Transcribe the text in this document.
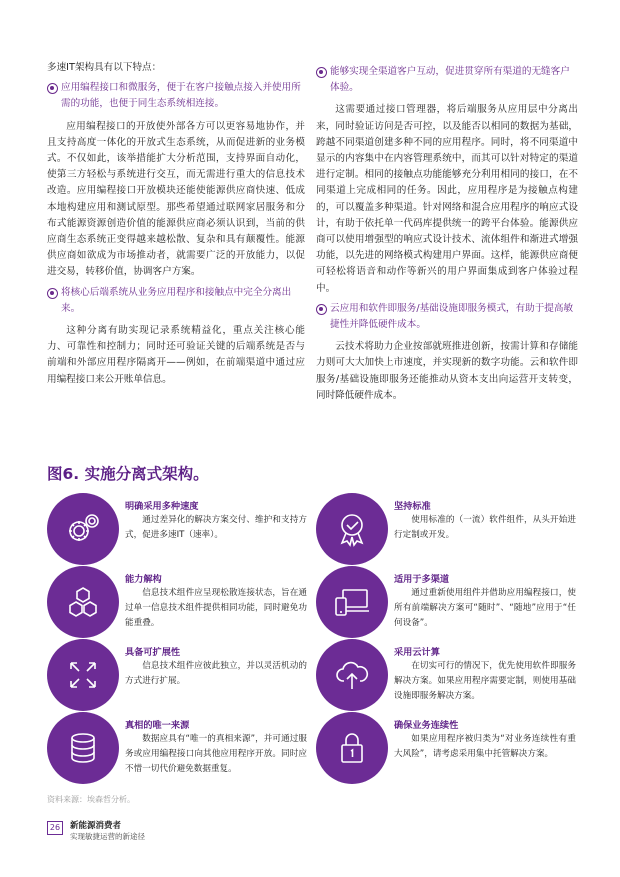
多速IT架构具有以下特点：

应用编程接口和微服务，便于在客户接触点接入并使用所需的功能，也便于同生态系统相连接。

应用编程接口的开放使外部各方可以更容易地协作，并且支持高度一体化的开放式生态系统，从而促进新的业务模式。不仅如此，该举措能扩大分析范围，支持界面自动化，使第三方轻松与系统进行交互，而无需进行重大的信息技术改造。应用编程接口开放模块还能使能源供应商快速、低成本地构建应用和测试原型。那些希望通过联网家居服务和分布式能源资源创造价值的能源供应商必须认识到，当前的供应商生态系统正变得越来越松散、复杂和具有颠覆性。能源供应商如欲成为市场推动者，就需要广泛的开放能力，以促进交易，转移价值，协调客户方案。

将核心后端系统从业务应用程序和接触点中完全分离出来。

这种分离有助实现记录系统精益化，重点关注核心能力、可靠性和控制力；同时还可验证关键的后端系统是否与前端和外部应用程序隔离开——例如，在前端渠道中通过应用编程接口来公开账单信息。

能够实现全渠道客户互动，促进贯穿所有渠道的无缝客户体验。

这需要通过接口管理器，将后端服务从应用层中分离出来，同时验证访问是否可控，以及能否以相同的数据为基础，跨越不同渠道创建多种不同的应用程序。同时，将不同渠道中显示的内容集中在内容管理系统中，而其可以针对特定的渠道进行定制。相同的接触点功能能够充分利用相同的接口，在不同渠道上完成相同的任务。因此，应用程序是为接触点构建的，可以覆盖多种渠道。针对网络和混合应用程序的响应式设计，有助于依托单一代码库提供统一的跨平台体验。能源供应商可以使用增强型的响应式设计技术、流体组件和渐进式增强功能，以先进的网络模式构建用户界面。这样，能源供应商便可轻松将语音和动作等新兴的用户界面集成到客户体验过程中。

云应用和软件即服务/基础设施即服务模式，有助于提高敏捷性并降低硬件成本。

云技术将助力企业按部就班推进创新，按需计算和存储能力则可大大加快上市速度，并实现新的数字功能。云和软件即服务/基础设施即服务还能推动从资本支出向运营开支转变，同时降低硬件成本。

图6. 实施分离式架构。
明确采用多种速度
通过差异化的解决方案交付、维护和支持方式，促进多速IT（速率）。
坚持标准
使用标准的（一流）软件组件，从头开始进行定制或开发。
能力解构
信息技术组件应呈现松散连接状态，旨在通过单一信息技术组件提供相同功能，同时避免功能重叠。
适用于多渠道
通过重新使用组件并借助应用编程接口，使所有前端解决方案可“随时”、“随地”应用于“任何设备”。
具备可扩展性
信息技术组件应彼此独立，并以灵活机动的方式进行扩展。
采用云计算
在切实可行的情况下，优先使用软件即服务解决方案。如果应用程序需要定制，则使用基础设施即服务解决方案。
真相的唯一来源
数据应具有“唯一的真相来源”，并可通过服务或应用编程接口向其他应用程序开放。同时应不惜一切代价避免数据重复。
确保业务连续性
如果应用程序被归类为“对业务连续性有重大风险”，请考虑采用集中托管解决方案。
资料来源：埃森哲分析。
26	新能源消费者
实现敏捷运营的新途径
